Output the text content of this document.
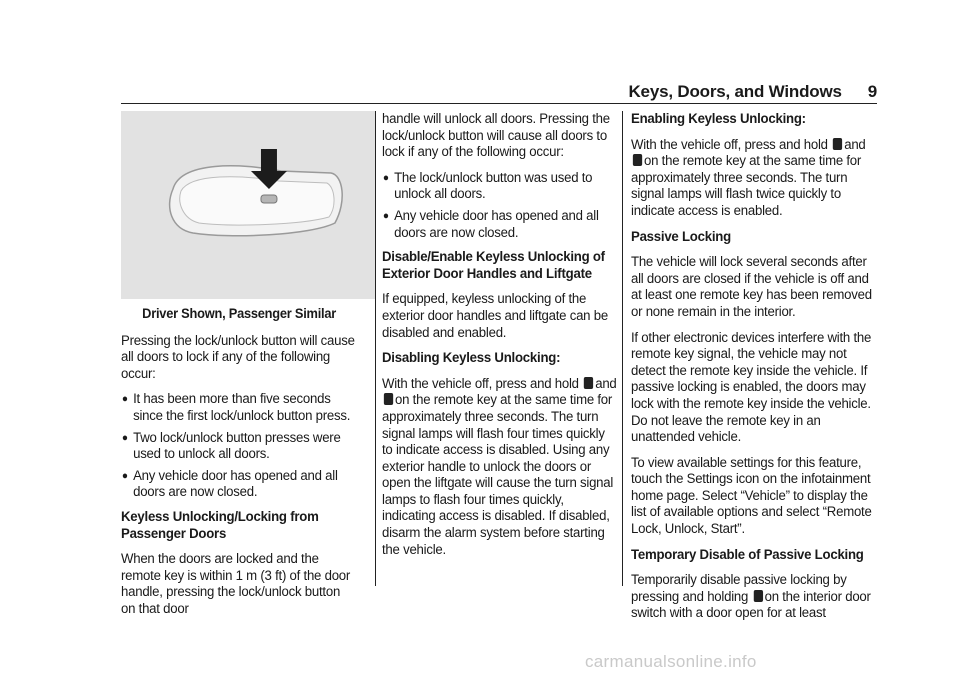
Keys, Doors, and Windows 9
Driver Shown, Passenger Similar

Pressing the lock/unlock button will cause all doors to lock if any of the following occur:

● It has been more than five seconds since the first lock/unlock button press.
● Two lock/unlock button presses were used to unlock all doors.
● Any vehicle door has opened and all doors are now closed.

Keyless Unlocking/Locking from Passenger Doors

When the doors are locked and the remote key is within 1 m (3 ft) of the door handle, pressing the lock/unlock button on that door

handle will unlock all doors. Pressing the lock/unlock button will cause all doors to lock if any of the following occur:

● The lock/unlock button was used to unlock all doors.
● Any vehicle door has opened and all doors are now closed.

Disable/Enable Keyless Unlocking of Exterior Door Handles and Liftgate

If equipped, keyless unlocking of the exterior door handles and liftgate can be disabled and enabled.

Disabling Keyless Unlocking:

With the vehicle off, press and hold and
on the remote key at the same time for approximately three seconds. The turn signal lamps will flash four times quickly to indicate access is disabled. Using any exterior handle to unlock the doors or open the liftgate will cause the turn signal lamps to flash four times quickly, indicating access is disabled. If disabled, disarm the alarm system before starting the vehicle.

Enabling Keyless Unlocking:

With the vehicle off, press and hold and
on the remote key at the same time for approximately three seconds. The turn signal lamps will flash twice quickly to indicate access is enabled.

Passive Locking

The vehicle will lock several seconds after all doors are closed if the vehicle is off and at least one remote key has been removed or none remain in the interior.

If other electronic devices interfere with the remote key signal, the vehicle may not detect the remote key inside the vehicle. If passive locking is enabled, the doors may lock with the remote key inside the vehicle. Do not leave the remote key in an unattended vehicle.

To view available settings for this feature, touch the Settings icon on the infotainment home page. Select “Vehicle” to display the list of available options and select “Remote Lock, Unlock, Start”.

Temporary Disable of Passive Locking

Temporarily disable passive locking by pressing and holding on the interior door switch with a door open for at least

carmanualsonline.info
